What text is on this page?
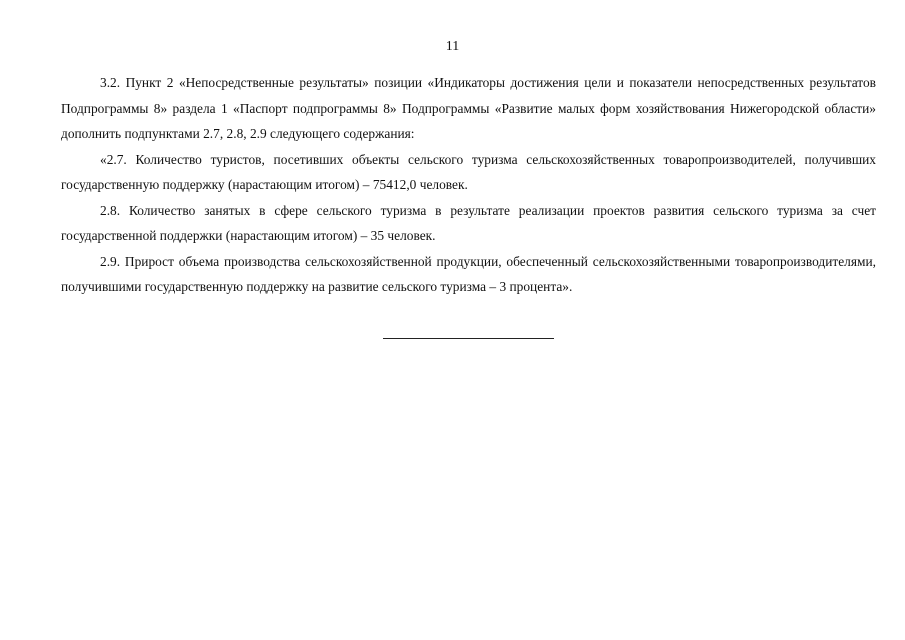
11

3.2. Пункт 2 «Непосредственные результаты» позиции «Индикаторы достижения цели и показатели непосредственных результатов Подпрограммы 8» раздела 1 «Паспорт подпрограммы 8» Подпрограммы «Развитие малых форм хозяйствования Нижегородской области» дополнить подпунктами 2.7, 2.8, 2.9 следующего содержания:

«2.7. Количество туристов, посетивших объекты сельского туризма сельскохозяйственных товаропроизводителей, получивших государственную поддержку (нарастающим итогом) – 75412,0 человек.

2.8. Количество занятых в сфере сельского туризма в результате реализации проектов развития сельского туризма за счет государственной поддержки (нарастающим итогом) – 35 человек.

2.9. Прирост объема производства сельскохозяйственной продукции, обеспеченный сельскохозяйственными товаропроизводителями, получившими государственную поддержку на развитие сельского туризма – 3 процента».
